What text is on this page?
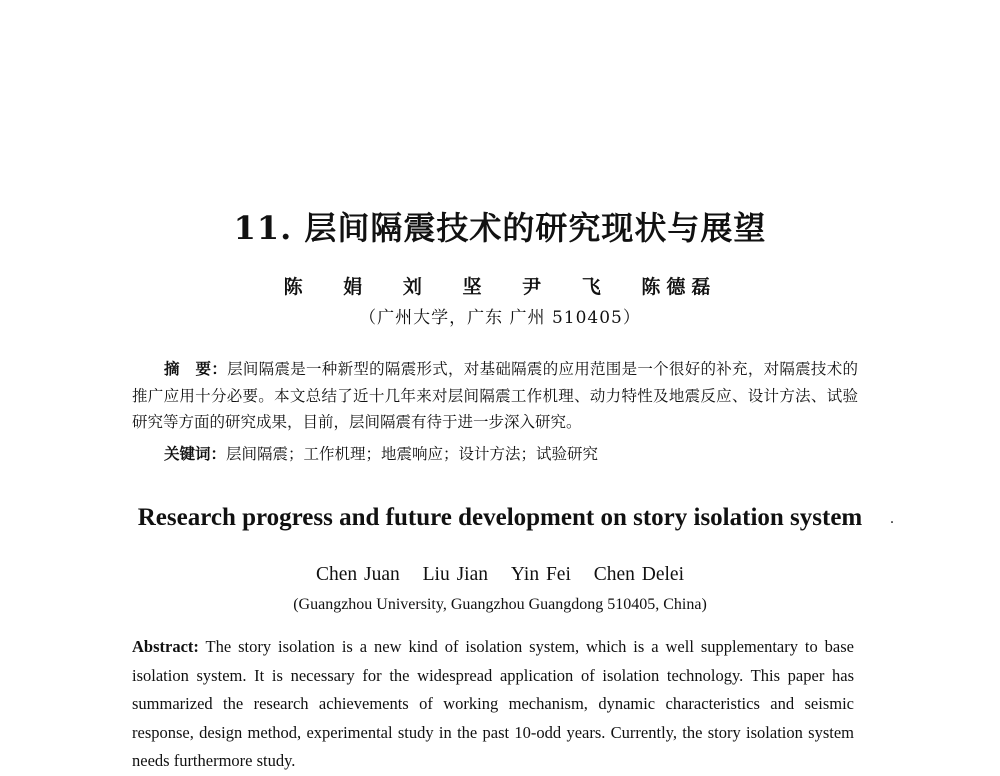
11. 层间隔震技术的研究现状与展望
陈 娟 刘 坚 尹 飞 陈德磊
（广州大学，广东 广州 510405）

摘　要：层间隔震是一种新型的隔震形式，对基础隔震的应用范围是一个很好的补充，对隔震技术的推广应用十分必要。本文总结了近十几年来对层间隔震工作机理、动力特性及地震反应、设计方法、试验研究等方面的研究成果，目前，层间隔震有待于进一步深入研究。

关键词：层间隔震；工作机理；地震响应；设计方法；试验研究
Research progress and future development on story isolation system ·
Chen Juan Liu Jian Yin Fei Chen Delei
(Guangzhou University, Guangzhou Guangdong 510405, China)

Abstract: The story isolation is a new kind of isolation system, which is a well supplementary to base isolation system. It is necessary for the widespread application of isolation technology. This paper has summarized the research achievements of working mechanism, dynamic characteristics and seismic response, design method, experimental study in the past 10-odd years. Currently, the story isolation system needs furthermore study.
